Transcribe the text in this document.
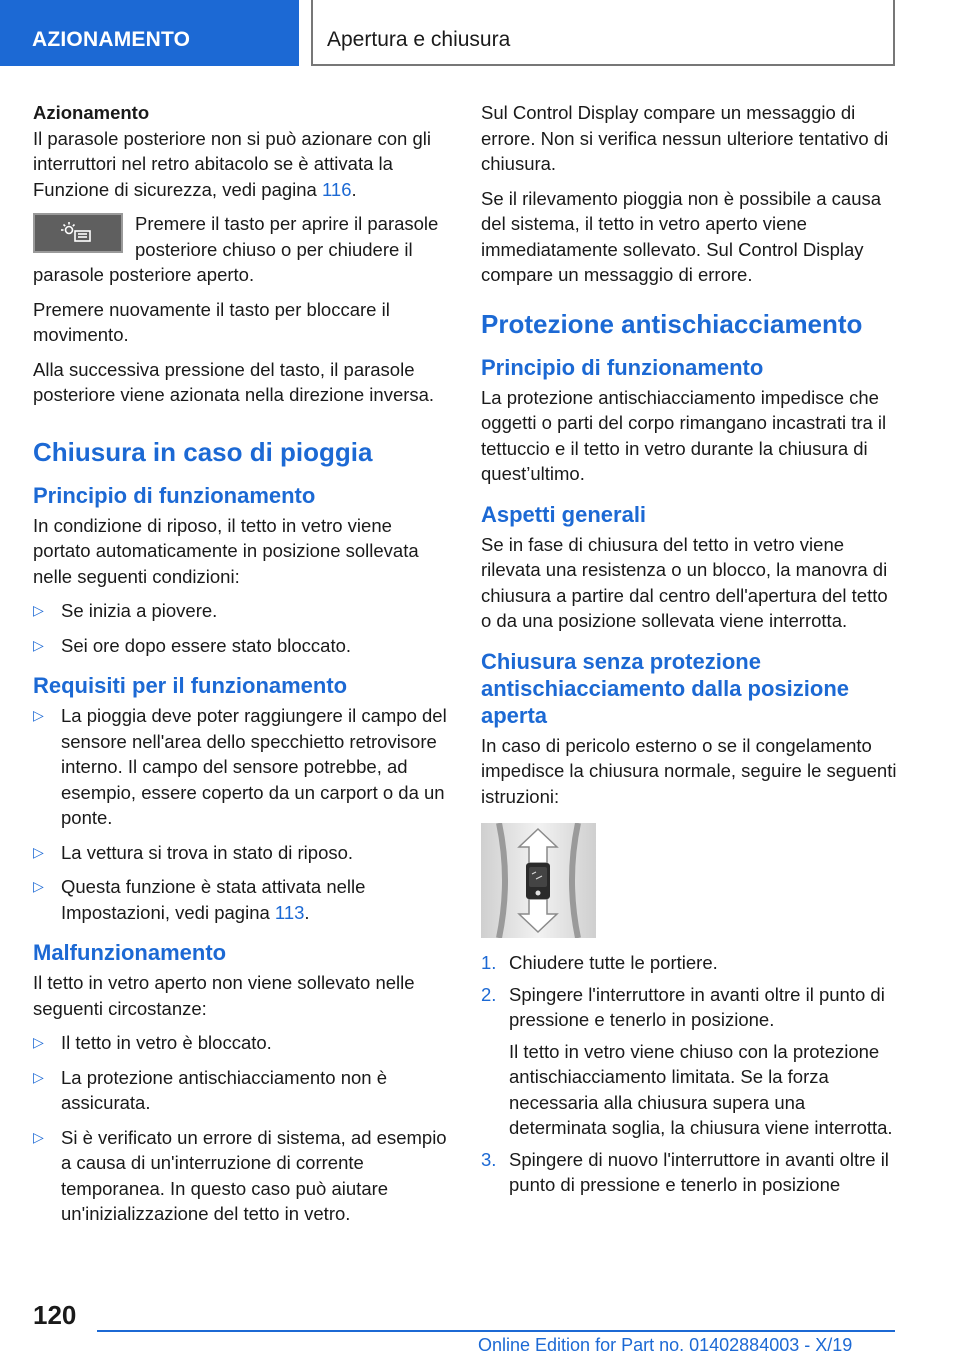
AZIONAMENTO	Apertura e chiusura

Azionamento

Il parasole posteriore non si può azionare con gli interruttori nel retro abitacolo se è attivata la Funzione di sicurezza, vedi pagina 116.

Premere il tasto per aprire il parasole posteriore chiuso o per chiudere il parasole posteriore aperto.

Premere nuovamente il tasto per bloccare il movimento.

Alla successiva pressione del tasto, il parasole posteriore viene azionata nella direzione inversa.

Chiusura in caso di pioggia
Principio di funzionamento

In condizione di riposo, il tetto in vetro viene portato automaticamente in posizione sollevata nelle seguenti condizioni:

▷ Se inizia a piovere.
▷ Sei ore dopo essere stato bloccato.
Requisiti per il funzionamento
▷ La pioggia deve poter raggiungere il campo del sensore nell'area dello specchietto retrovisore interno. Il campo del sensore potrebbe, ad esempio, essere coperto da un carport o da un ponte.
▷ La vettura si trova in stato di riposo.
▷ Questa funzione è stata attivata nelle Impostazioni, vedi pagina 113.
Malfunzionamento

Il tetto in vetro aperto non viene sollevato nelle seguenti circostanze:

▷ Il tetto in vetro è bloccato.
▷ La protezione antischiacciamento non è assicurata.
▷ Si è verificato un errore di sistema, ad esempio a causa di un'interruzione di corrente temporanea. In questo caso può aiutare un'inizializzazione del tetto in vetro.

Sul Control Display compare un messaggio di errore. Non si verifica nessun ulteriore tentativo di chiusura.

Se il rilevamento pioggia non è possibile a causa del sistema, il tetto in vetro aperto viene immediatamente sollevato. Sul Control Display compare un messaggio di errore.

Protezione antischiacciamento
Principio di funzionamento

La protezione antischiacciamento impedisce che oggetti o parti del corpo rimangano incastrati tra il tettuccio e il tetto in vetro durante la chiusura di quest’ultimo.

Aspetti generali

Se in fase di chiusura del tetto in vetro viene rilevata una resistenza o un blocco, la manovra di chiusura a partire dal centro dell'apertura del tetto o da una posizione sollevata viene interrotta.

Chiusura senza protezione antischiacciamento dalla posizione aperta

In caso di pericolo esterno o se il congelamento impedisce la chiusura normale, seguire le seguenti istruzioni:

1. Chiudere tutte le portiere.
2. Spingere l'interruttore in avanti oltre il punto di pressione e tenerlo in posizione.
Il tetto in vetro viene chiuso con la protezione antischiacciamento limitata. Se la forza necessaria alla chiusura supera una determinata soglia, la chiusura viene interrotta.
3. Spingere di nuovo l'interruttore in avanti oltre il punto di pressione e tenerlo in posizione
120
Online Edition for Part no. 01402884003 - X/19
